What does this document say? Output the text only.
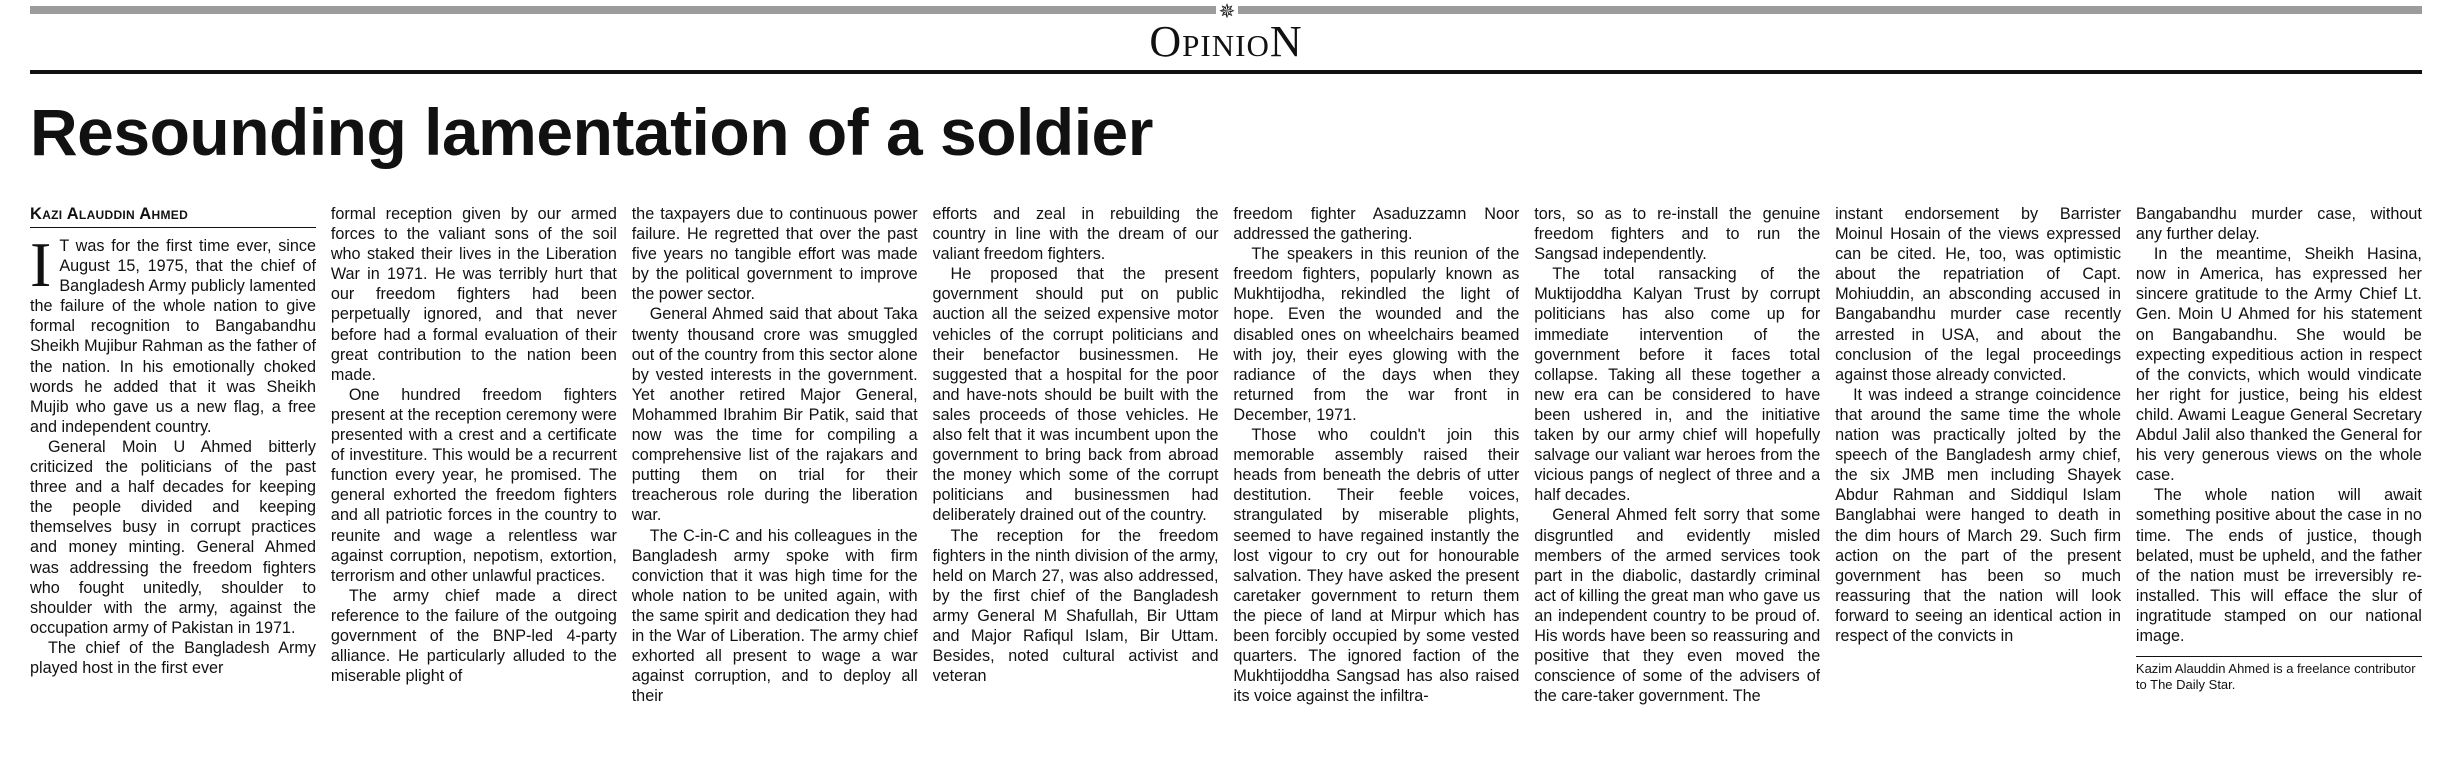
✵
OpinioN
Resounding lamentation of a soldier
Kazi Alauddin Ahmed

I T was for the first time ever, since August 15, 1975, that the chief of Bangladesh Army publicly lamented the failure of the whole nation to give formal recognition to Bangabandhu Sheikh Mujibur Rahman as the father of the nation. In his emotionally choked words he added that it was Sheikh Mujib who gave us a new flag, a free and independent country.

General Moin U Ahmed bitterly criticized the politicians of the past three and a half decades for keeping the people divided and keeping themselves busy in corrupt practices and money minting. General Ahmed was addressing the freedom fighters who fought unitedly, shoulder to shoulder with the army, against the occupation army of Pakistan in 1971.

The chief of the Bangladesh Army played host in the first ever

formal reception given by our armed forces to the valiant sons of the soil who staked their lives in the Liberation War in 1971. He was terribly hurt that our freedom fighters had been perpetually ignored, and that never before had a formal evaluation of their great contribution to the nation been made.

One hundred freedom fighters present at the reception ceremony were presented with a crest and a certificate of investiture. This would be a recurrent function every year, he promised. The general exhorted the freedom fighters and all patriotic forces in the country to reunite and wage a relentless war against corruption, nepotism, extortion, terrorism and other unlawful practices.

The army chief made a direct reference to the failure of the outgoing government of the BNP-led 4-party alliance. He particularly alluded to the miserable plight of

the taxpayers due to continuous power failure. He regretted that over the past five years no tangible effort was made by the political government to improve the power sector.

General Ahmed said that about Taka twenty thousand crore was smuggled out of the country from this sector alone by vested interests in the government. Yet another retired Major General, Mohammed Ibrahim Bir Patik, said that now was the time for compiling a comprehensive list of the rajakars and putting them on trial for their treacherous role during the liberation war.

The C-in-C and his colleagues in the Bangladesh army spoke with firm conviction that it was high time for the whole nation to be united again, with the same spirit and dedication they had in the War of Liberation. The army chief exhorted all present to wage a war against corruption, and to deploy all their

efforts and zeal in rebuilding the country in line with the dream of our valiant freedom fighters.

He proposed that the present government should put on public auction all the seized expensive motor vehicles of the corrupt politicians and their benefactor businessmen. He suggested that a hospital for the poor and have-nots should be built with the sales proceeds of those vehicles. He also felt that it was incumbent upon the government to bring back from abroad the money which some of the corrupt politicians and businessmen had deliberately drained out of the country.

The reception for the freedom fighters in the ninth division of the army, held on March 27, was also addressed, by the first chief of the Bangladesh army General M Shafullah, Bir Uttam and Major Rafiqul Islam, Bir Uttam. Besides, noted cultural activist and veteran

freedom fighter Asaduzzamn Noor addressed the gathering.

The speakers in this reunion of the freedom fighters, popularly known as Mukhtijodha, rekindled the light of hope. Even the wounded and the disabled ones on wheelchairs beamed with joy, their eyes glowing with the radiance of the days when they returned from the war front in December, 1971.

Those who couldn't join this memorable assembly raised their heads from beneath the debris of utter destitution. Their feeble voices, strangulated by miserable plights, seemed to have regained instantly the lost vigour to cry out for honourable salvation. They have asked the present caretaker government to return them the piece of land at Mirpur which has been forcibly occupied by some vested quarters. The ignored faction of the Mukhtijoddha Sangsad has also raised its voice against the infiltra-

tors, so as to re-install the genuine freedom fighters and to run the Sangsad independently.

The total ransacking of the Muktijoddha Kalyan Trust by corrupt politicians has also come up for immediate intervention of the government before it faces total collapse. Taking all these together a new era can be considered to have been ushered in, and the initiative taken by our army chief will hopefully salvage our valiant war heroes from the vicious pangs of neglect of three and a half decades.

General Ahmed felt sorry that some disgruntled and evidently misled members of the armed services took part in the diabolic, dastardly criminal act of killing the great man who gave us an independent country to be proud of. His words have been so reassuring and positive that they even moved the conscience of some of the advisers of the care-taker government. The

instant endorsement by Barrister Moinul Hosain of the views expressed can be cited. He, too, was optimistic about the repatriation of Capt. Mohiuddin, an absconding accused in Bangabandhu murder case recently arrested in USA, and about the conclusion of the legal proceedings against those already convicted.

It was indeed a strange coincidence that around the same time the whole nation was practically jolted by the speech of the Bangladesh army chief, the six JMB men including Shayek Abdur Rahman and Siddiqul Islam Banglabhai were hanged to death in the dim hours of March 29. Such firm action on the part of the present government has been so much reassuring that the nation will look forward to seeing an identical action in respect of the convicts in

Bangabandhu murder case, without any further delay.

In the meantime, Sheikh Hasina, now in America, has expressed her sincere gratitude to the Army Chief Lt. Gen. Moin U Ahmed for his statement on Bangabandhu. She would be expecting expeditious action in respect of the convicts, which would vindicate her right for justice, being his eldest child. Awami League General Secretary Abdul Jalil also thanked the General for his very generous views on the whole case.

The whole nation will await something positive about the case in no time. The ends of justice, though belated, must be upheld, and the father of the nation must be irreversibly re-installed. This will efface the slur of ingratitude stamped on our national image.

Kazim Alauddin Ahmed is a freelance contributor to The Daily Star.
